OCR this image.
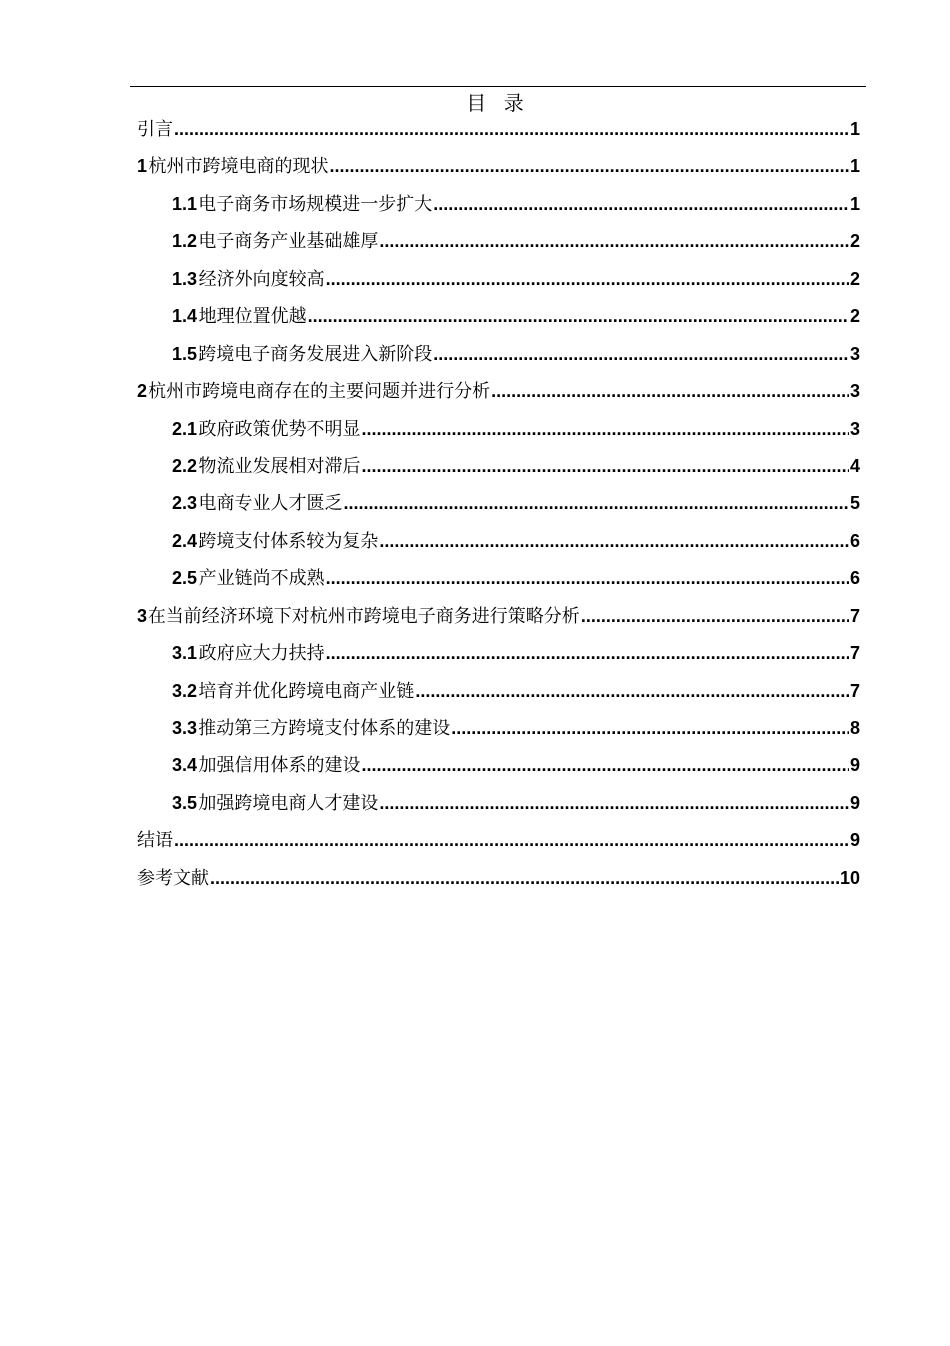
目 录
引言 .....	1
1 杭州市跨境电商的现状 .....	1
1.1 电子商务市场规模进一步扩大 .....	1
1.2 电子商务产业基础雄厚 .....	2
1.3 经济外向度较高 .....	2
1.4 地理位置优越 .....	2
1.5 跨境电子商务发展进入新阶段 .....	3
2 杭州市跨境电商存在的主要问题并进行分析 .....	3
2.1 政府政策优势不明显 .....	3
2.2 物流业发展相对滞后 .....	4
2.3 电商专业人才匮乏 .....	5
2.4 跨境支付体系较为复杂 .....	6
2.5 产业链尚不成熟 .....	6
3 在当前经济环境下对杭州市跨境电子商务进行策略分析 .....	7
3.1 政府应大力扶持 .....	7
3.2 培育并优化跨境电商产业链 .....	7
3.3 推动第三方跨境支付体系的建设 .....	8
3.4 加强信用体系的建设 .....	9
3.5 加强跨境电商人才建设 .....	9
结语 .....	9
参考文献 .....	10
